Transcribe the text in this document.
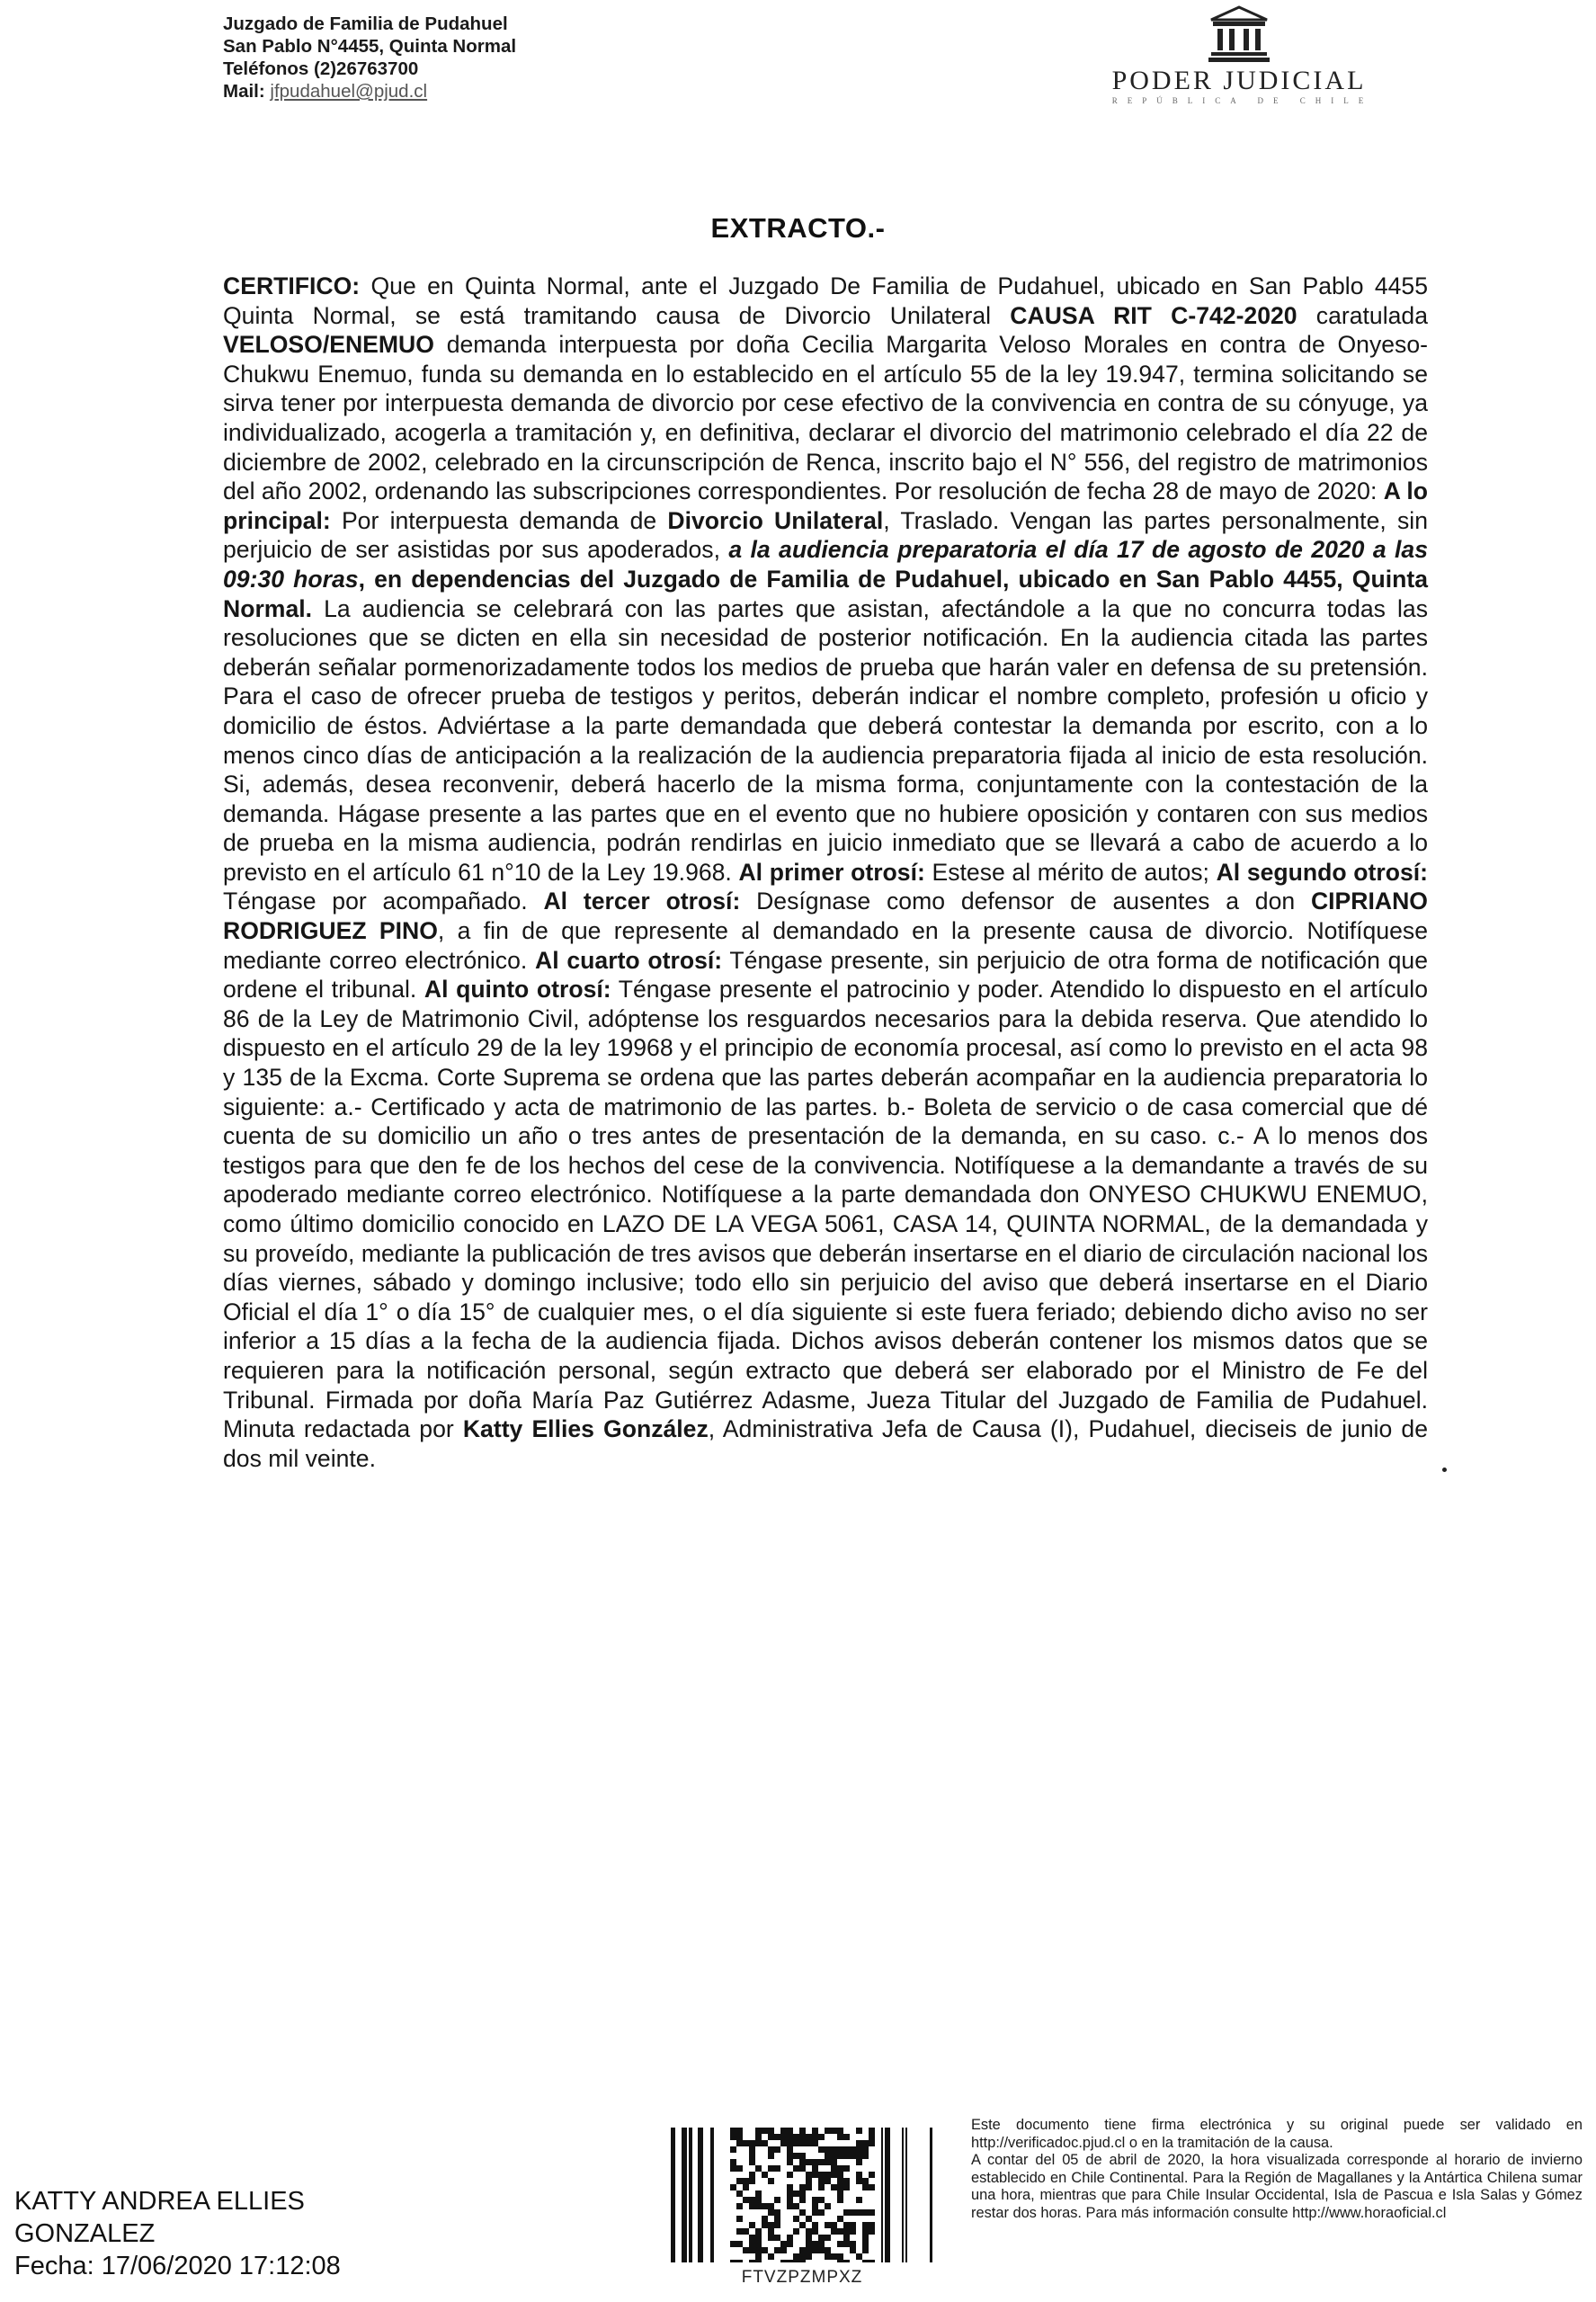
Juzgado de Familia de Pudahuel
San Pablo N°4455, Quinta Normal
Teléfonos (2)26763700
Mail: jfpudahuel@pjud.cl	PODER JUDICIAL
REPÚBLICA DE CHILE
EXTRACTO.-

CERTIFICO: Que en Quinta Normal, ante el Juzgado De Familia de Pudahuel, ubicado en San Pablo 4455 Quinta Normal, se está tramitando causa de Divorcio Unilateral CAUSA RIT C-742-2020 caratulada VELOSO/ENEMUO demanda interpuesta por doña Cecilia Margarita Veloso Morales en contra de Onyeso-Chukwu Enemuo, funda su demanda en lo establecido en el artículo 55 de la ley 19.947, termina solicitando se sirva tener por interpuesta demanda de divorcio por cese efectivo de la convivencia en contra de su cónyuge, ya individualizado, acogerla a tramitación y, en definitiva, declarar el divorcio del matrimonio celebrado el día 22 de diciembre de 2002, celebrado en la circunscripción de Renca, inscrito bajo el N° 556, del registro de matrimonios del año 2002, ordenando las subscripciones correspondientes. Por resolución de fecha 28 de mayo de 2020: A lo principal: Por interpuesta demanda de Divorcio Unilateral, Traslado. Vengan las partes personalmente, sin perjuicio de ser asistidas por sus apoderados, a la audiencia preparatoria el día 17 de agosto de 2020 a las 09:30 horas, en dependencias del Juzgado de Familia de Pudahuel, ubicado en San Pablo 4455, Quinta Normal. La audiencia se celebrará con las partes que asistan, afectándole a la que no concurra todas las resoluciones que se dicten en ella sin necesidad de posterior notificación. En la audiencia citada las partes deberán señalar pormenorizadamente todos los medios de prueba que harán valer en defensa de su pretensión. Para el caso de ofrecer prueba de testigos y peritos, deberán indicar el nombre completo, profesión u oficio y domicilio de éstos. Adviértase a la parte demandada que deberá contestar la demanda por escrito, con a lo menos cinco días de anticipación a la realización de la audiencia preparatoria fijada al inicio de esta resolución. Si, además, desea reconvenir, deberá hacerlo de la misma forma, conjuntamente con la contestación de la demanda. Hágase presente a las partes que en el evento que no hubiere oposición y contaren con sus medios de prueba en la misma audiencia, podrán rendirlas en juicio inmediato que se llevará a cabo de acuerdo a lo previsto en el artículo 61 n°10 de la Ley 19.968. Al primer otrosí: Estese al mérito de autos; Al segundo otrosí: Téngase por acompañado. Al tercer otrosí: Desígnase como defensor de ausentes a don CIPRIANO RODRIGUEZ PINO, a fin de que represente al demandado en la presente causa de divorcio. Notifíquese mediante correo electrónico. Al cuarto otrosí: Téngase presente, sin perjuicio de otra forma de notificación que ordene el tribunal. Al quinto otrosí: Téngase presente el patrocinio y poder. Atendido lo dispuesto en el artículo 86 de la Ley de Matrimonio Civil, adóptense los resguardos necesarios para la debida reserva. Que atendido lo dispuesto en el artículo 29 de la ley 19968 y el principio de economía procesal, así como lo previsto en el acta 98 y 135 de la Excma. Corte Suprema se ordena que las partes deberán acompañar en la audiencia preparatoria lo siguiente: a.- Certificado y acta de matrimonio de las partes. b.- Boleta de servicio o de casa comercial que dé cuenta de su domicilio un año o tres antes de presentación de la demanda, en su caso. c.- A lo menos dos testigos para que den fe de los hechos del cese de la convivencia. Notifíquese a la demandante a través de su apoderado mediante correo electrónico. Notifíquese a la parte demandada don ONYESO CHUKWU ENEMUO, como último domicilio conocido en LAZO DE LA VEGA 5061, CASA 14, QUINTA NORMAL, de la demandada y su proveído, mediante la publicación de tres avisos que deberán insertarse en el diario de circulación nacional los días viernes, sábado y domingo inclusive; todo ello sin perjuicio del aviso que deberá insertarse en el Diario Oficial el día 1° o día 15° de cualquier mes, o el día siguiente si este fuera feriado; debiendo dicho aviso no ser inferior a 15 días a la fecha de la audiencia fijada. Dichos avisos deberán contener los mismos datos que se requieren para la notificación personal, según extracto que deberá ser elaborado por el Ministro de Fe del Tribunal. Firmada por doña María Paz Gutiérrez Adasme, Jueza Titular del Juzgado de Familia de Pudahuel. Minuta redactada por Katty Ellies González, Administrativa Jefa de Causa (I), Pudahuel, dieciseis de junio de dos mil veinte.

KATTY ANDREA ELLIES
GONZALEZ
Fecha: 17/06/2020 17:12:08	FTVZPZMPXZ

Este documento tiene firma electrónica y su original puede ser validado en http://verificadoc.pjud.cl o en la tramitación de la causa.

A contar del 05 de abril de 2020, la hora visualizada corresponde al horario de invierno establecido en Chile Continental. Para la Región de Magallanes y la Antártica Chilena sumar una hora, mientras que para Chile Insular Occidental, Isla de Pascua e Isla Salas y Gómez restar dos horas. Para más información consulte http://www.horaoficial.cl
